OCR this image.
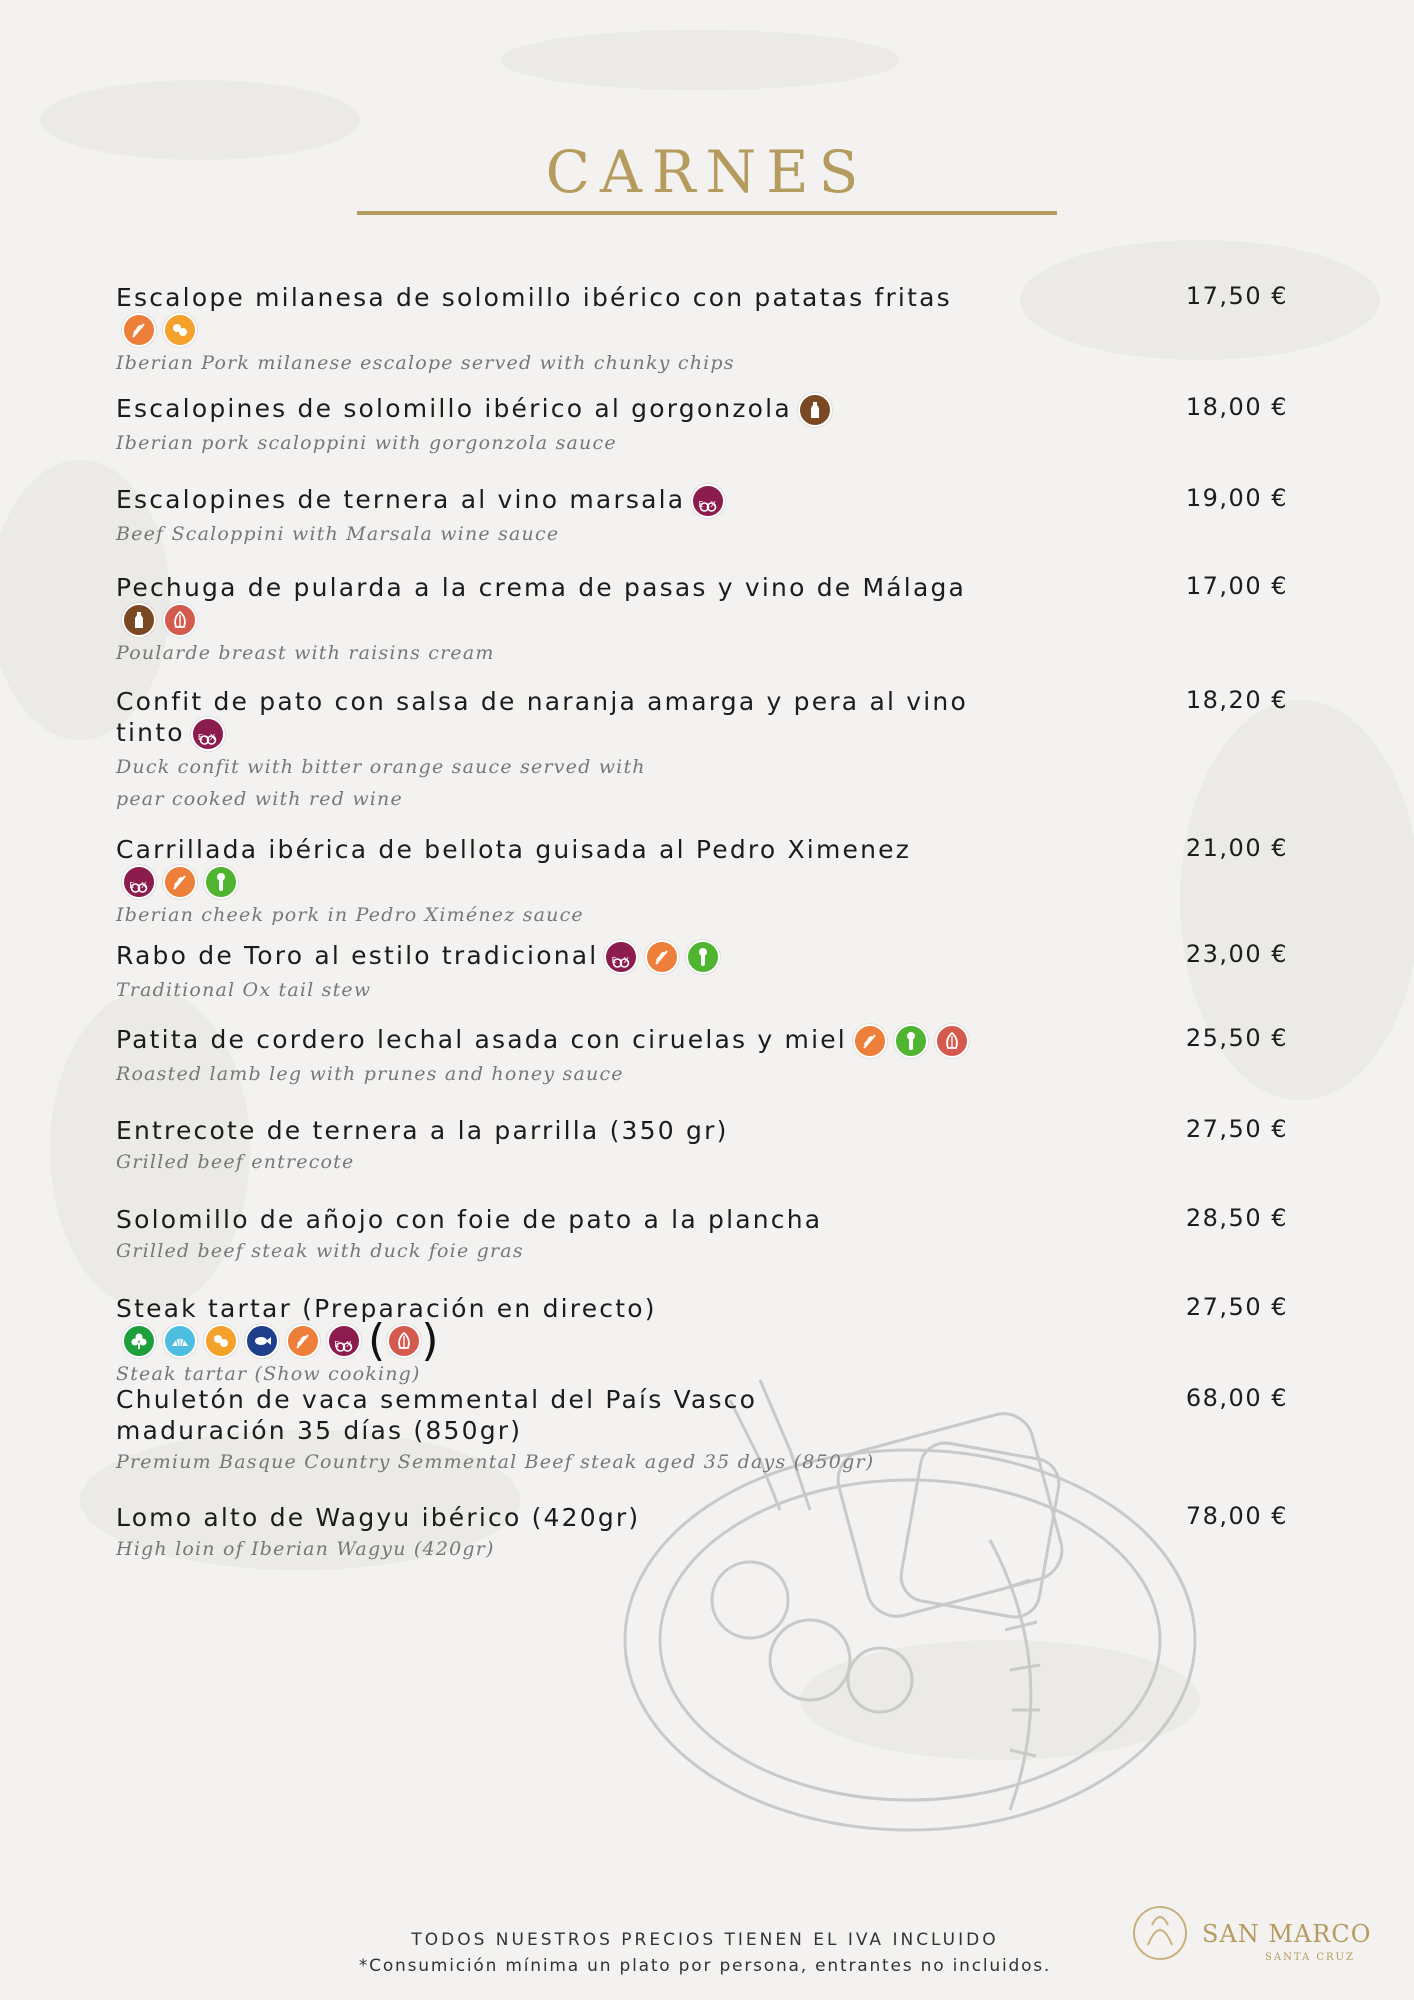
CARNES
Escalope milanesa de solomillo ibérico con patatas fritas
Iberian Pork milanese escalope served with chunky chips
17,50 €
Escalopines de solomillo ibérico al gorgonzola
Iberian pork scaloppini with gorgonzola sauce
18,00 €
Escalopines de ternera al vino marsala	E-X
Beef Scaloppini with Marsala wine sauce
19,00 €
Pechuga de pularda a la crema de pasas y vino de Málaga
Poularde breast with raisins cream
17,00 €
Confit de pato con salsa de naranja amarga y pera al vino tinto	E-X
Duck confit with bitter orange sauce served with pear cooked with red wine
18,20 €
Carrillada ibérica de bellota guisada al Pedro Ximenez
E-X
Iberian cheek pork in Pedro Ximénez sauce
21,00 €
Rabo de Toro al estilo tradicional	E-X
Traditional Ox tail stew
23,00 €
Patita de cordero lechal asada con ciruelas y miel
Roasted lamb leg with prunes and honey sauce
25,50 €
Entrecote de ternera a la parrilla (350 gr)
Grilled beef entrecote
27,50 €
Solomillo de añojo con foie de pato a la plancha
Grilled beef steak with duck foie gras
28,50 €
Steak tartar (Preparación en directo)
E-X ( )
Steak tartar (Show cooking)
27,50 €
Chuletón de vaca semmental del País Vasco maduración 35 días (850gr)
Premium Basque Country Semmental Beef steak aged 35 days (850gr)
68,00 €
Lomo alto de Wagyu ibérico (420gr)
High loin of Iberian Wagyu (420gr)
78,00 €
TODOS NUESTROS PRECIOS TIENEN EL IVA INCLUIDO
*Consumición mínima un plato por persona, entrantes no incluidos.
SAN MARCO
SANTA CRUZ
